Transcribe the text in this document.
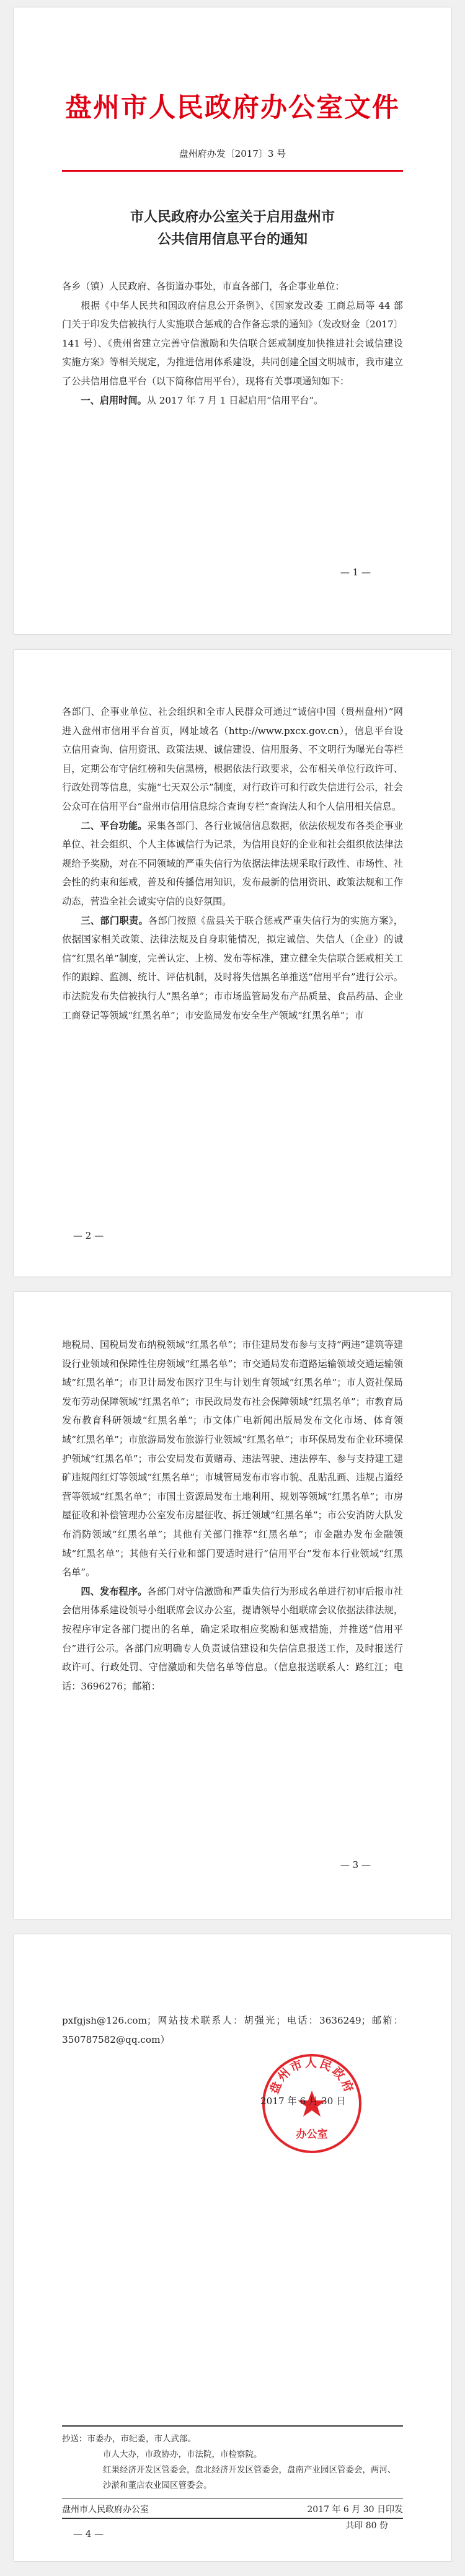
盘州市人民政府办公室文件
盘州府办发〔2017〕3 号
市人民政府办公室关于启用盘州市
公共信用信息平台的通知

各乡（镇）人民政府、各街道办事处，市直各部门，各企事业单位：

根据《中华人民共和国政府信息公开条例》、《国家发改委 工商总局等 44 部门关于印发失信被执行人实施联合惩戒的合作备忘录的通知》（发改财金〔2017〕141 号）、《贵州省建立完善守信激励和失信联合惩戒制度加快推进社会诚信建设实施方案》等相关规定，为推进信用体系建设，共同创建全国文明城市，我市建立了公共信用信息平台（以下简称信用平台），现将有关事项通知如下：

一、启用时间。从 2017 年 7 月 1 日起启用“信用平台”。

— 1 —

各部门、企事业单位、社会组织和全市人民群众可通过“诚信中国（贵州盘州）”网进入盘州市信用平台首页，网址域名（http://www.pxcx.gov.cn），信息平台设立信用查询、信用资讯、政策法规、诚信建设、信用服务、不文明行为曝光台等栏目，定期公布守信红榜和失信黑榜，根据依法行政要求，公布相关单位行政许可、行政处罚等信息，实施“七天双公示”制度，对行政许可和行政失信进行公示，社会公众可在信用平台“盘州市信用信息综合查询专栏”查询法人和个人信用相关信息。

二、平台功能。采集各部门、各行业诚信信息数据，依法依规发布各类企事业单位、社会组织、个人主体诚信行为记录，为信用良好的企业和社会组织依法律法规给予奖励，对在不同领域的严重失信行为依据法律法规采取行政性、市场性、社会性的约束和惩戒，普及和传播信用知识，发布最新的信用资讯、政策法规和工作动态，营造全社会诚实守信的良好氛围。

三、部门职责。各部门按照《盘县关于联合惩戒严重失信行为的实施方案》，依据国家相关政策、法律法规及自身职能情况，拟定诚信、失信人（企业）的诚信“红黑名单”制度，完善认定、上榜、发布等标准，建立健全失信联合惩戒相关工作的跟踪、监测、统计、评估机制，及时将失信黑名单推送“信用平台”进行公示。市法院发布失信被执行人“黑名单”；市市场监管局发布产品质量、食品药品、企业工商登记等领域“红黑名单”；市安监局发布安全生产领域“红黑名单”；市

— 2 —

地税局、国税局发布纳税领域“红黑名单”；市住建局发布参与支持“两违”建筑等建设行业领域和保障性住房领域“红黑名单”；市交通局发布道路运输领域交通运输领域“红黑名单”；市卫计局发布医疗卫生与计划生育领域“红黑名单”；市人资社保局发布劳动保障领域“红黑名单”；市民政局发布社会保障领域“红黑名单”；市教育局发布教育科研领域“红黑名单”；市文体广电新闻出版局发布文化市场、体育领域“红黑名单”；市旅游局发布旅游行业领域“红黑名单”；市环保局发布企业环境保护领域“红黑名单”；市公安局发布黄赌毒、违法驾驶、违法停车、参与支持建工建矿违规闯红灯等领域“红黑名单”；市城管局发布市容市貌、乱贴乱画、违规占道经营等领域“红黑名单”；市国土资源局发布土地利用、规划等领域“红黑名单”；市房屋征收和补偿管理办公室发布房屋征收、拆迁领域“红黑名单”；市公安消防大队发布消防领域“红黑名单”；其他有关部门推荐“红黑名单”；市金融办发布金融领域“红黑名单”；其他有关行业和部门要适时进行“信用平台”发布本行业领域“红黑名单”。

四、发布程序。各部门对守信激励和严重失信行为形成名单进行初审后报市社会信用体系建设领导小组联席会议办公室，提请领导小组联席会议依据法律法规，按程序审定各部门提出的名单，确定采取相应奖励和惩戒措施，并推送“信用平台”进行公示。各部门应明确专人负责诚信建设和失信信息报送工作，及时报送行政许可、行政处罚、守信激励和失信名单等信息。（信息报送联系人：路红江；电话：3696276；邮箱：

— 3 —

pxfgjsh@126.com；网站技术联系人：胡强光；电话：3636249；邮箱：350787582@qq.com）

盘州市人民政府
办公室
2017 年 6 月 30 日
抄送：市委办，市纪委，市人武部。
市人大办，市政协办，市法院，市检察院。
红果经济开发区管委会，盘北经济开发区管委会，盘南产业园区管委会，两河、沙淤和董店农业园区管委会。
盘州市人民政府办公室	2017 年 6 月 30 日印发
共印 80 份
— 4 —
